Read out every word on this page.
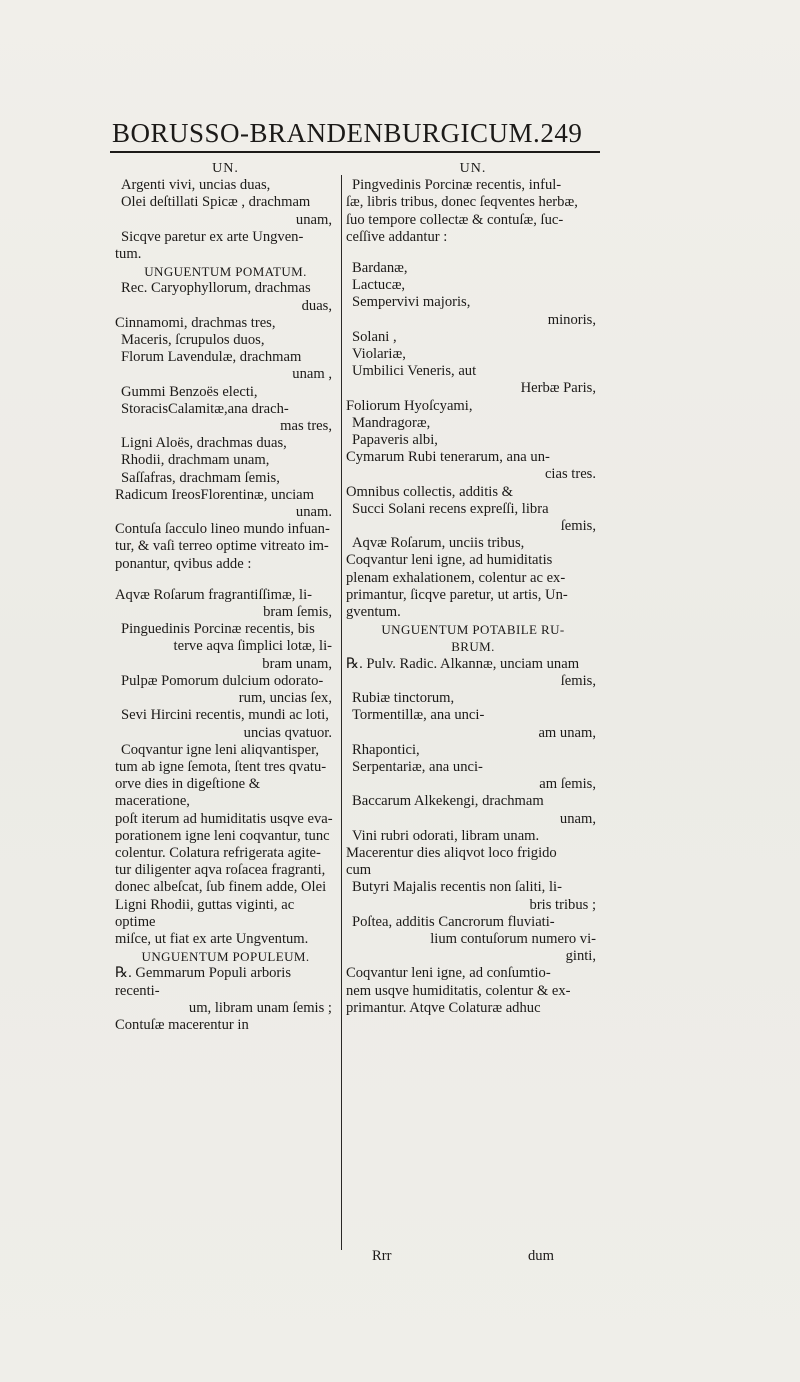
BORUSSO-BRANDENBURGICUM.249

UN.

Argenti vivi, uncias duas,

Olei deſtillati Spicæ , drachmam

unam,

Sicqve paretur ex arte Ungven-

tum.

UNGUENTUM POMATUM.

Rec. Caryophyllorum, drachmas

duas,

Cinnamomi, drachmas tres,

Maceris, ſcrupulos duos,

Florum Lavendulæ, drachmam

unam ,

Gummi Benzoës electi,

StoracisCalamitæ,ana drach-

mas tres,

Ligni Aloës, drachmas duas,

Rhodii, drachmam unam,

Saſſafras, drachmam ſemis,

Radicum IreosFlorentinæ, unciam

unam.

Contuſa ſacculo lineo mundo infuan-

tur, & vaſi terreo optime vitreato im-

ponantur, qvibus adde :

Aqvæ Roſarum fragrantiſſimæ, li-

bram ſemis,

Pinguedinis Porcinæ recentis, bis

terve aqva ſimplici lotæ, li-

bram unam,

Pulpæ Pomorum dulcium odorato-

rum, uncias ſex,

Sevi Hircini recentis, mundi ac loti,

uncias qvatuor.

Coqvantur igne leni aliqvantisper,

tum ab igne ſemota, ſtent tres qvatu-

orve dies in digeſtione & maceratione,

poſt iterum ad humiditatis usqve eva-

porationem igne leni coqvantur, tunc

colentur. Colatura refrigerata agite-

tur diligenter aqva roſacea fragranti,

donec albeſcat, ſub finem adde, Olei

Ligni Rhodii, guttas viginti, ac optime

miſce, ut fiat ex arte Ungventum.

UNGUENTUM POPULEUM.

℞. Gemmarum Populi arboris recenti-

um, libram unam ſemis ;

Contuſæ macerentur in

UN.

Pingvedinis Porcinæ recentis, inful-

ſæ, libris tribus, donec ſeqventes herbæ,

ſuo tempore collectæ & contuſæ, ſuc-

ceſſive addantur :

Bardanæ,

Lactucæ,

Sempervivi majoris,

minoris,

Solani ,

Violariæ,

Umbilici Veneris, aut

Herbæ Paris,

Foliorum Hyoſcyami,

Mandragoræ,

Papaveris albi,

Cymarum Rubi tenerarum, ana un-

cias tres.

Omnibus collectis, additis &

Succi Solani recens expreſſi, libra

ſemis,

Aqvæ Roſarum, unciis tribus,

Coqvantur leni igne, ad humiditatis

plenam exhalationem, colentur ac ex-

primantur, ſicqve paretur, ut artis, Un-

gventum.

UNGUENTUM POTABILE RU-
BRUM.

℞. Pulv. Radic. Alkannæ, unciam unam

ſemis,

Rubiæ tinctorum,

Tormentillæ, ana unci-

am unam,

Rhapontici,

Serpentariæ, ana unci-

am ſemis,

Baccarum Alkekengi, drachmam

unam,

Vini rubri odorati, libram unam.

Macerentur dies aliqvot loco frigido

cum

Butyri Majalis recentis non ſaliti, li-

bris tribus ;

Poſtea, additis Cancrorum fluviati-

lium contuſorum numero vi-

ginti,

Coqvantur leni igne, ad conſumtio-

nem usqve humiditatis, colentur & ex-

primantur. Atqve Colaturæ adhuc

Rrr	dum
